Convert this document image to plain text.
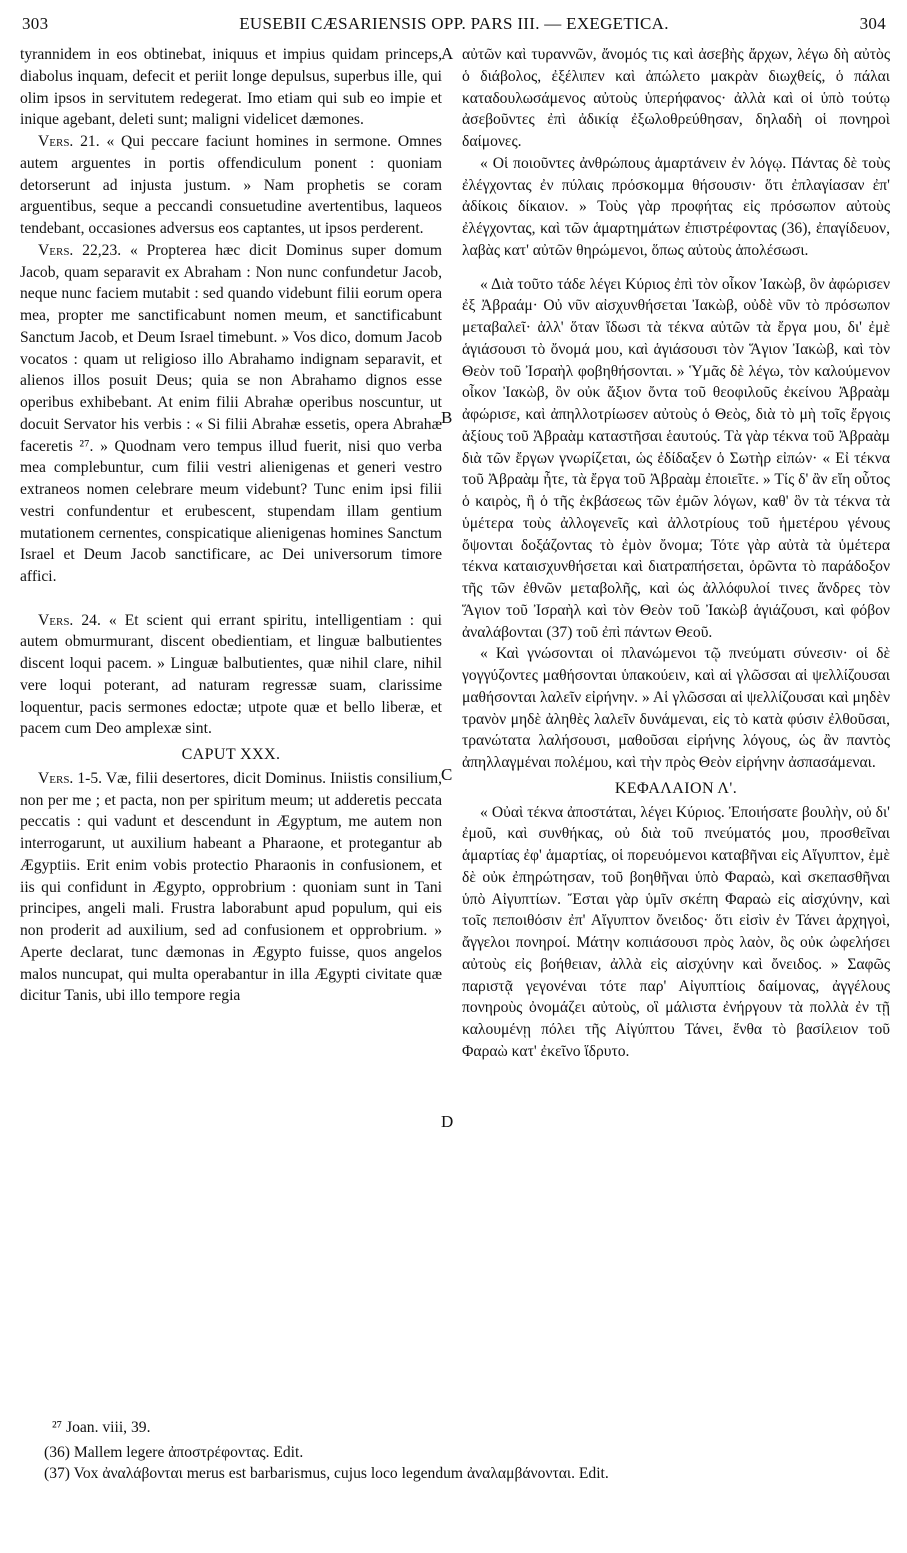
303	EUSEBII CÆSARIENSIS OPP. PARS III. — EXEGETICA.	304

tyrannidem in eos obtinebat, iniquus et impius quidam princeps, diabolus inquam, defecit et periit longe depulsus, superbus ille, qui olim ipsos in servitutem redegerat. Imo etiam qui sub eo impie et inique agebant, deleti sunt; maligni videlicet dæmones.

Vers. 21. « Qui peccare faciunt homines in sermone. Omnes autem arguentes in portis offendiculum ponent : quoniam detorserunt ad injusta justum. » Nam prophetis se coram arguentibus, seque a peccandi consuetudine avertentibus, laqueos tendebant, occasiones adversus eos captantes, ut ipsos perderent.

Vers. 22,23. « Propterea hæc dicit Dominus super domum Jacob, quam separavit ex Abraham : Non nunc confundetur Jacob, neque nunc faciem mutabit : sed quando videbunt filii eorum opera mea, propter me sanctificabunt nomen meum, et sanctificabunt Sanctum Jacob, et Deum Israel timebunt. » Vos dico, domum Jacob vocatos : quam ut religioso illo Abrahamo indignam separavit, et alienos illos posuit Deus; quia se non Abrahamo dignos esse operibus exhibebant. At enim filii Abrahæ operibus noscuntur, ut docuit Servator his verbis : « Si filii Abrahæ essetis, opera Abrahæ faceretis ²⁷. » Quodnam vero tempus illud fuerit, nisi quo verba mea complebuntur, cum filii vestri alienigenas et generi vestro extraneos nomen celebrare meum videbunt? Tunc enim ipsi filii vestri confundentur et erubescent, stupendam illam gentium mutationem cernentes, conspicatique alienigenas homines Sanctum Israel et Deum Jacob sanctificare, ac Dei universorum timore affici.

Vers. 24. « Et scient qui errant spiritu, intelligentiam : qui autem obmurmurant, discent obedientiam, et linguæ balbutientes discent loqui pacem. » Linguæ balbutientes, quæ nihil clare, nihil vere loqui poterant, ad naturam regressæ suam, clarissime loquentur, pacis sermones edoctæ; utpote quæ et bello liberæ, et pacem cum Deo amplexæ sint.

CAPUT XXX.

Vers. 1-5. Væ, filii desertores, dicit Dominus. Iniistis consilium, non per me ; et pacta, non per spiritum meum; ut adderetis peccata peccatis : qui vadunt et descendunt in Ægyptum, me autem non interrogarunt, ut auxilium habeant a Pharaone, et protegantur ab Ægyptiis. Erit enim vobis protectio Pharaonis in confusionem, et iis qui confidunt in Ægypto, opprobrium : quoniam sunt in Tani principes, angeli mali. Frustra laborabunt apud populum, qui eis non proderit ad auxilium, sed ad confusionem et opprobrium. » Aperte declarat, tunc dæmonas in Ægypto fuisse, quos angelos malos nuncupat, qui multa operabantur in illa Ægypti civitate quæ dicitur Tanis, ubi illo tempore regia

A
B
C
D

αὐτῶν καὶ τυραννῶν, ἄνομός τις καὶ ἀσεβὴς ἄρχων, λέγω δὴ αὐτὸς ὁ διάβολος, ἐξέλιπεν καὶ ἀπώλετο μακρὰν διωχθείς, ὁ πάλαι καταδουλωσάμενος αὐτοὺς ὑπερήφανος· ἀλλὰ καὶ οἱ ὑπὸ τούτῳ ἀσεβοῦντες ἐπὶ ἀδικίᾳ ἐξωλοθρεύθησαν, δηλαδὴ οἱ πονηροὶ δαίμονες.

« Οἱ ποιοῦντες ἀνθρώπους ἁμαρτάνειν ἐν λόγῳ. Πάντας δὲ τοὺς ἐλέγχοντας ἐν πύλαις πρόσκομμα θήσουσιν· ὅτι ἐπλαγίασαν ἐπ' ἀδίκοις δίκαιον. » Τοὺς γὰρ προφήτας εἰς πρόσωπον αὐτοὺς ἐλέγχοντας, καὶ τῶν ἁμαρτημάτων ἐπιστρέφοντας (36), ἐπαγίδευον, λαβὰς κατ' αὐτῶν θηρώμενοι, ὅπως αὐτοὺς ἀπολέσωσι.

« Διὰ τοῦτο τάδε λέγει Κύριος ἐπὶ τὸν οἶκον Ἰακὼβ, ὃν ἀφώρισεν ἐξ Ἀβραάμ· Οὐ νῦν αἰσχυνθήσεται Ἰακὼβ, οὐδὲ νῦν τὸ πρόσωπον μεταβαλεῖ· ἀλλ' ὅταν ἴδωσι τὰ τέκνα αὐτῶν τὰ ἔργα μου, δι' ἐμὲ ἁγιάσουσι τὸ ὄνομά μου, καὶ ἁγιάσουσι τὸν Ἅγιον Ἰακὼβ, καὶ τὸν Θεὸν τοῦ Ἰσραὴλ φοβηθήσονται. » Ὑμᾶς δὲ λέγω, τὸν καλούμενον οἶκον Ἰακὼβ, ὃν οὐκ ἄξιον ὄντα τοῦ θεοφιλοῦς ἐκείνου Ἀβραὰμ ἀφώρισε, καὶ ἀπηλλοτρίωσεν αὐτοὺς ὁ Θεὸς, διὰ τὸ μὴ τοῖς ἔργοις ἀξίους τοῦ Ἀβραὰμ καταστῆσαι ἑαυτούς. Τὰ γὰρ τέκνα τοῦ Ἀβραὰμ διὰ τῶν ἔργων γνωρίζεται, ὡς ἐδίδαξεν ὁ Σωτὴρ εἰπών· « Εἰ τέκνα τοῦ Ἀβραὰμ ἦτε, τὰ ἔργα τοῦ Ἀβραὰμ ἐποιεῖτε. » Τίς δ' ἂν εἴη οὗτος ὁ καιρὸς, ἢ ὁ τῆς ἐκβάσεως τῶν ἐμῶν λόγων, καθ' ὃν τὰ τέκνα τὰ ὑμέτερα τοὺς ἀλλογενεῖς καὶ ἀλλοτρίους τοῦ ἡμετέρου γένους ὄψονται δοξάζοντας τὸ ἐμὸν ὄνομα; Τότε γὰρ αὐτὰ τὰ ὑμέτερα τέκνα καταισχυνθήσεται καὶ διατραπήσεται, ὁρῶντα τὸ παράδοξον τῆς τῶν ἐθνῶν μεταβολῆς, καὶ ὡς ἀλλόφυλοί τινες ἄνδρες τὸν Ἅγιον τοῦ Ἰσραὴλ καὶ τὸν Θεὸν τοῦ Ἰακὼβ ἁγιάζουσι, καὶ φόβον ἀναλάβονται (37) τοῦ ἐπὶ πάντων Θεοῦ.

« Καὶ γνώσονται οἱ πλανώμενοι τῷ πνεύματι σύνεσιν· οἱ δὲ γογγύζοντες μαθήσονται ὑπακούειν, καὶ αἱ γλῶσσαι αἱ ψελλίζουσαι μαθήσονται λαλεῖν εἰρήνην. » Αἱ γλῶσσαι αἱ ψελλίζουσαι καὶ μηδὲν τρανὸν μηδὲ ἀληθὲς λαλεῖν δυνάμεναι, εἰς τὸ κατὰ φύσιν ἐλθοῦσαι, τρανώτατα λαλήσουσι, μαθοῦσαι εἰρήνης λόγους, ὡς ἂν παντὸς ἀπηλλαγμέναι πολέμου, καὶ τὴν πρὸς Θεὸν εἰρήνην ἀσπασάμεναι.

ΚΕΦΑΛΑΙΟΝ Λ'.

« Οὐαὶ τέκνα ἀποστάται, λέγει Κύριος. Ἐποιήσατε βουλὴν, οὐ δι' ἐμοῦ, καὶ συνθήκας, οὐ διὰ τοῦ πνεύματός μου, προσθεῖναι ἁμαρτίας ἐφ' ἁμαρτίας, οἱ πορευόμενοι καταβῆναι εἰς Αἴγυπτον, ἐμὲ δὲ οὐκ ἐπηρώτησαν, τοῦ βοηθῆναι ὑπὸ Φαραὼ, καὶ σκεπασθῆναι ὑπὸ Αἰγυπτίων. Ἔσται γὰρ ὑμῖν σκέπη Φαραὼ εἰς αἰσχύνην, καὶ τοῖς πεποιθόσιν ἐπ' Αἴγυπτον ὄνειδος· ὅτι εἰσὶν ἐν Τάνει ἀρχηγοὶ, ἄγγελοι πονηροί. Μάτην κοπιάσουσι πρὸς λαὸν, ὃς οὐκ ὠφελήσει αὐτοὺς εἰς βοήθειαν, ἀλλὰ εἰς αἰσχύνην καὶ ὄνειδος. » Σαφῶς παριστᾷ γεγονέναι τότε παρ' Αἰγυπτίοις δαίμονας, ἀγγέλους πονηροὺς ὀνομάζει αὐτοὺς, οἳ μάλιστα ἐνήργουν τὰ πολλὰ ἐν τῇ καλουμένῃ πόλει τῆς Αἰγύπτου Τάνει, ἔνθα τὸ βασίλειον τοῦ Φαραὼ κατ' ἐκεῖνο ἵδρυτο.

²⁷ Joan. viii, 39.

(36) Mallem legere ἀποστρέφοντας. Edit.

(37) Vox ἀναλάβονται merus est barbarismus, cujus loco legendum ἀναλαμβάνονται. Edit.
